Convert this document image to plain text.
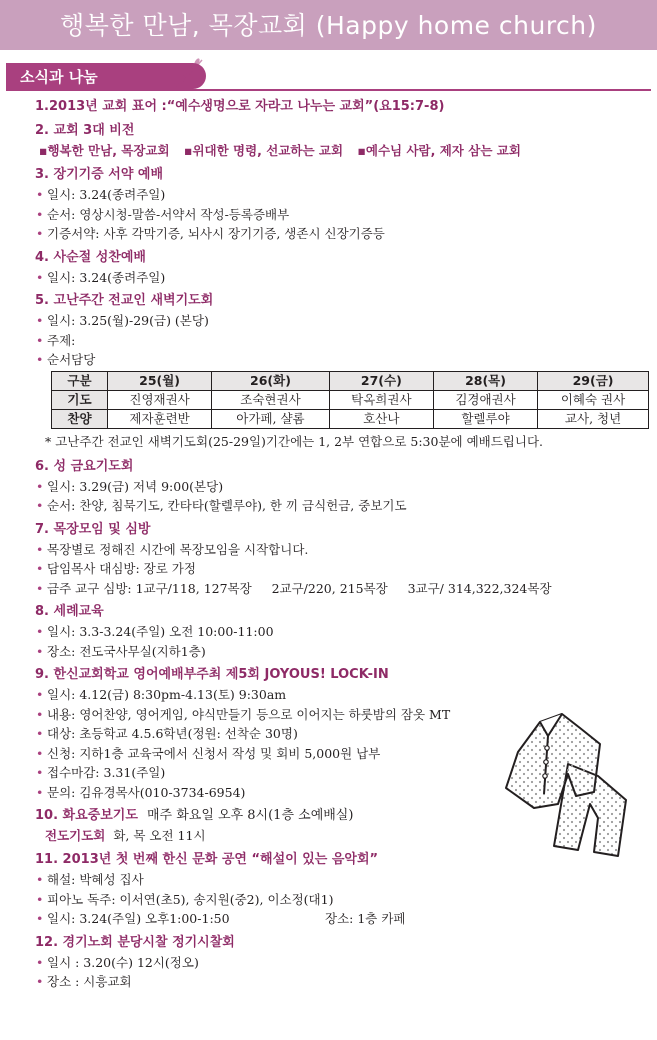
행복한 만남, 목장교회 (Happy home church)
소식과 나눔
1.2013년 교회 표어 :“예수생명으로 자라고 나누는 교회”(요15:7-8)
2. 교회 3대 비전
▪행복한 만남, 목장교회 ▪위대한 명령, 선교하는 교회 ▪예수님 사람, 제자 삼는 교회
3. 장기기증 서약 예배
• 일시: 3.24(종려주일)
• 순서: 영상시청-말씀-서약서 작성-등록증배부
• 기증서약: 사후 각막기증, 뇌사시 장기기증, 생존시 신장기증등
4. 사순절 성찬예배
• 일시: 3.24(종려주일)
5. 고난주간 전교인 새벽기도회
• 일시: 3.25(월)-29(금) (본당)
• 주제:
• 순서담당
구분	25(월)	26(화)	27(수)	28(목)	29(금)
기도	진영재권사	조숙현권사	탁옥희권사	김경애권사	이혜숙 권사
찬양	제자훈련반	아가페, 샬롬	호산나	할렐루야	교사, 청년
* 고난주간 전교인 새벽기도회(25-29일)기간에는 1, 2부 연합으로 5:30분에 예배드립니다.
6. 성 금요기도회
• 일시: 3.29(금) 저녁 9:00(본당)
• 순서: 찬양, 침묵기도, 칸타타(할렐루야), 한 끼 금식헌금, 중보기도
7. 목장모임 및 심방
• 목장별로 정해진 시간에 목장모임을 시작합니다.
• 담임목사 대심방: 장로 가정
• 금주 교구 심방: 1교구/118, 127목장     2교구/220, 215목장     3교구/ 314,322,324목장
8. 세례교육
• 일시: 3.3-3.24(주일) 오전 10:00-11:00
• 장소: 전도국사무실(지하1층)
9. 한신교회학교 영어예배부주최 제5회 JOYOUS! LOCK-IN
• 일시: 4.12(금) 8:30pm-4.13(토) 9:30am
• 내용: 영어찬양, 영어게임, 야식만들기 등으로 이어지는 하룻밤의 잠옷 MT
• 대상: 초등학교 4.5.6학년(정원: 선착순 30명)
• 신청: 지하1층 교육국에서 신청서 작성 및 회비 5,000원 납부
• 접수마감: 3.31(주일)
• 문의: 김유경목사(010-3734-6954)
10. 화요중보기도 매주 화요일 오후 8시(1층 소예배실)
전도기도회 화, 목 오전 11시
11. 2013년 첫 번째 한신 문화 공연 “해설이 있는 음악회”
• 해설: 박혜성 집사
• 피아노 독주: 이서연(초5), 송지원(중2), 이소정(대1)
• 일시: 3.24(주일) 오후1:00-1:50	장소: 1층 카페
12. 경기노회 분당시찰 정기시찰회
• 일시 : 3.20(수) 12시(정오)
• 장소 : 시흥교회
